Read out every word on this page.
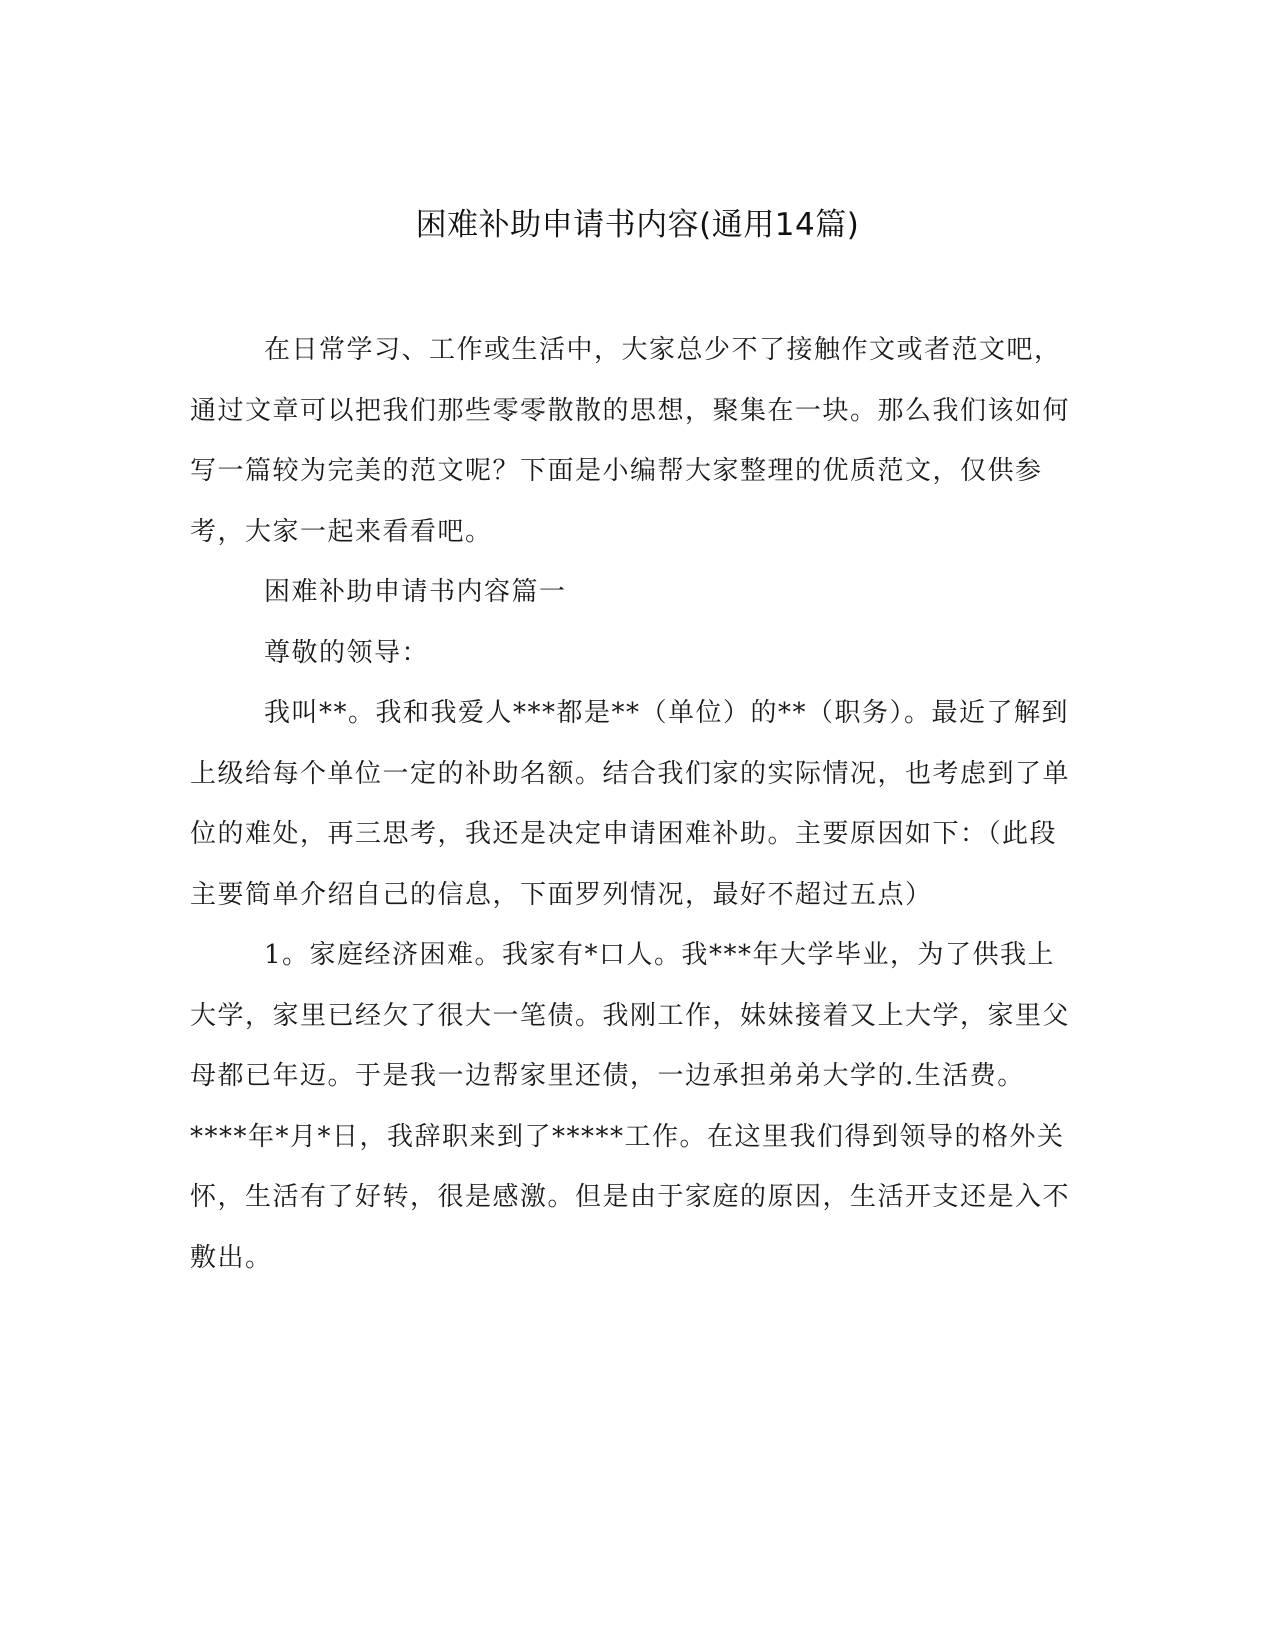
困难补助申请书内容(通用14篇)

在日常学习、工作或生活中，大家总少不了接触作文或者范文吧，通过文章可以把我们那些零零散散的思想，聚集在一块。那么我们该如何写一篇较为完美的范文呢？下面是小编帮大家整理的优质范文，仅供参考，大家一起来看看吧。

困难补助申请书内容篇一

尊敬的领导：

我叫**。我和我爱人***都是**（单位）的**（职务）。最近了解到上级给每个单位一定的补助名额。结合我们家的实际情况，也考虑到了单位的难处，再三思考，我还是决定申请困难补助。主要原因如下：（此段主要简单介绍自己的信息，下面罗列情况，最好不超过五点）

1。家庭经济困难。我家有*口人。我***年大学毕业，为了供我上大学，家里已经欠了很大一笔债。我刚工作，妹妹接着又上大学，家里父母都已年迈。于是我一边帮家里还债，一边承担弟弟大学的.生活费。****年*月*日，我辞职来到了*****工作。在这里我们得到领导的格外关怀，生活有了好转，很是感激。但是由于家庭的原因，生活开支还是入不敷出。
